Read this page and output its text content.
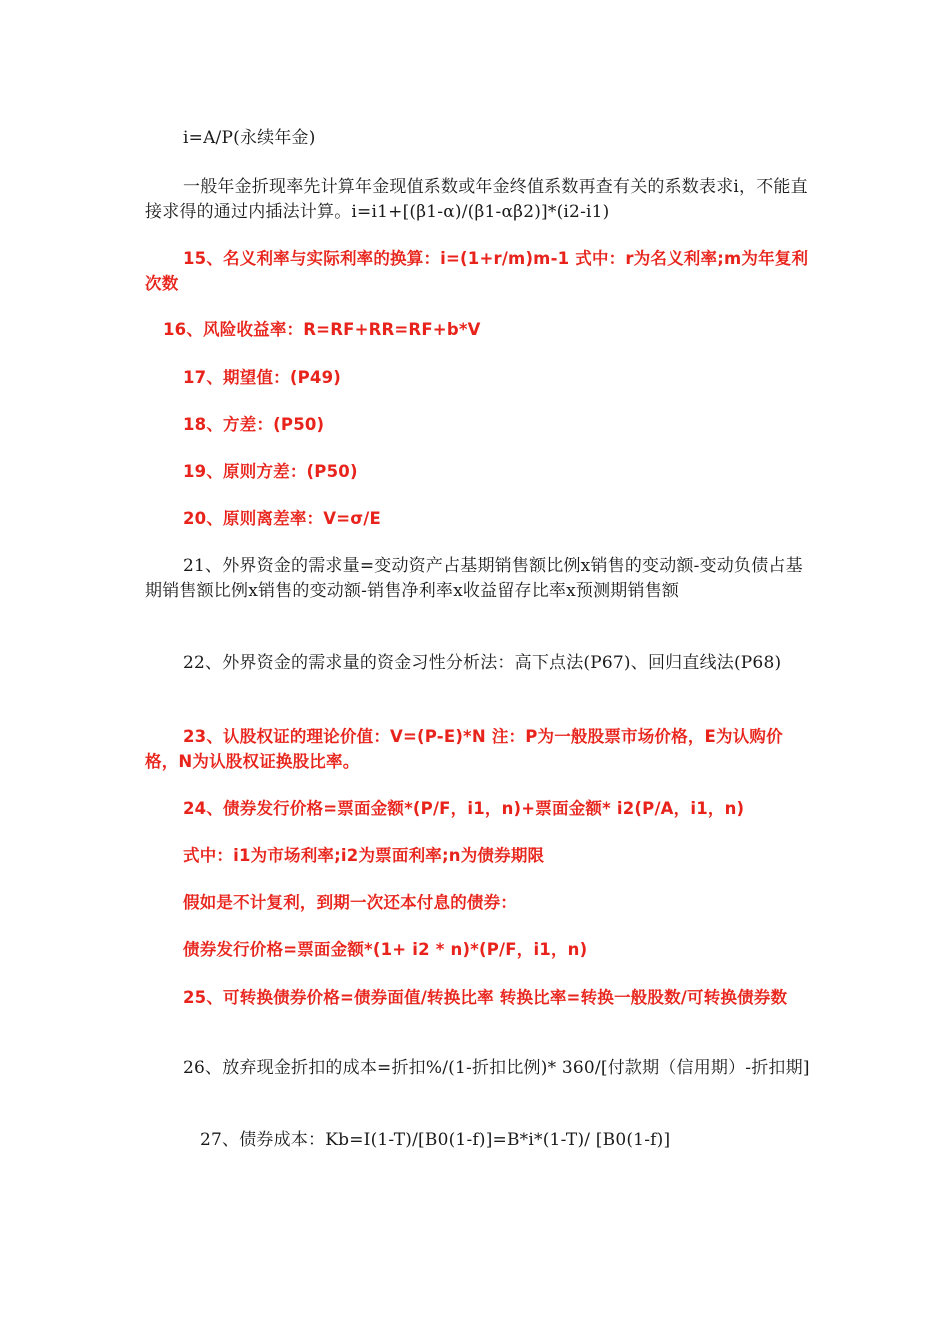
i=A/P(永续年金)

一般年金折现率先计算年金现值系数或年金终值系数再查有关的系数表求i，不能直接求得的通过内插法计算。i=i1+[(β1-α)/(β1-αβ2)]*(i2-i1)

15、名义利率与实际利率的换算：i=(1+r/m)m-1 式中：r为名义利率;m为年复利次数

16、风险收益率：R=RF+RR=RF+b*V

17、期望值：(P49)

18、方差：(P50)

19、原则方差：(P50)

20、原则离差率：V=σ/E

21、外界资金的需求量=变动资产占基期销售额比例x销售的变动额-变动负债占基期销售额比例x销售的变动额-销售净利率x收益留存比率x预测期销售额

22、外界资金的需求量的资金习性分析法：高下点法(P67)、回归直线法(P68)

23、认股权证的理论价值：V=(P-E)*N 注：P为一般股票市场价格，E为认购价格，N为认股权证换股比率。

24、债券发行价格=票面金额*(P/F，i1，n)+票面金额* i2(P/A，i1，n)

式中：i1为市场利率;i2为票面利率;n为债券期限

假如是不计复利，到期一次还本付息的债券：

债券发行价格=票面金额*(1+ i2 * n)*(P/F，i1，n)

25、可转换债券价格=债券面值/转换比率 转换比率=转换一般股数/可转换债券数

26、放弃现金折扣的成本=折扣%/(1-折扣比例)* 360/[付款期（信用期）-折扣期]

27、债券成本：Kb=I(1-T)/[B0(1-f)]=B*i*(1-T)/ [B0(1-f)]
